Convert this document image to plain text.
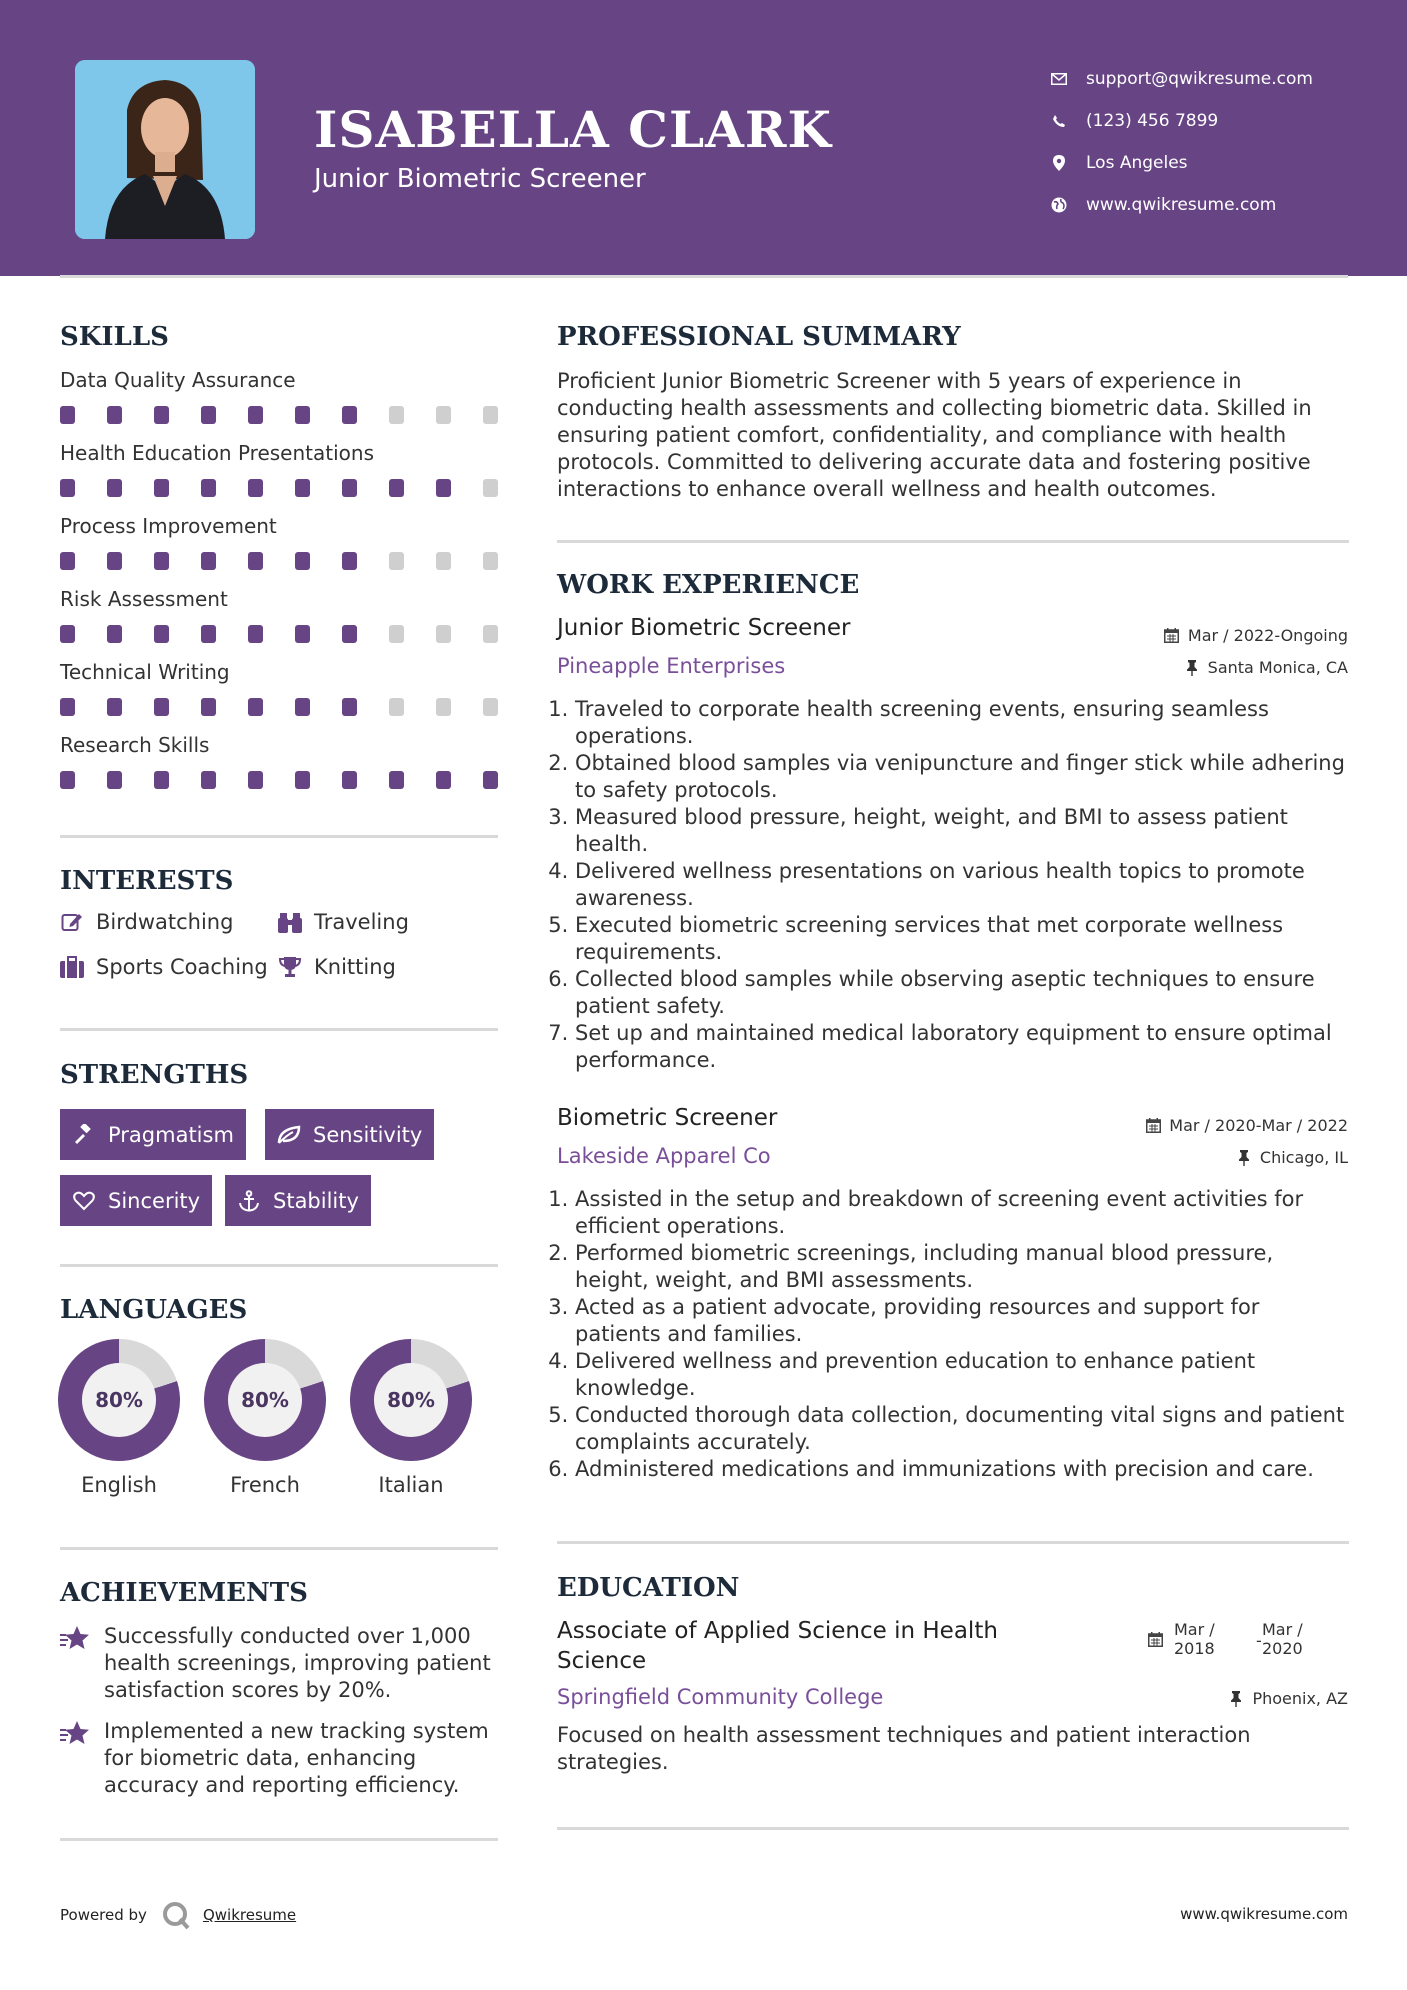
ISABELLA CLARK
Junior Biometric Screener
support@qwikresume.com
(123) 456 7899
Los Angeles
www.qwikresume.com
SKILLS
Data Quality Assurance
Health Education Presentations
Process Improvement
Risk Assessment
Technical Writing
Research Skills
INTERESTS
Birdwatching	Traveling
Sports Coaching Knitting
STRENGTHS
Pragmatism	Sensitivity
Sincerity	Stability
LANGUAGES
80%
English
80%
French
80%
Italian
ACHIEVEMENTS
Successfully conducted over 1,000 health screenings, improving patient satisfaction scores by 20%.
Implemented a new tracking system for biometric data, enhancing accuracy and reporting efficiency.
PROFESSIONAL SUMMARY
Proficient Junior Biometric Screener with 5 years of experience in conducting health assessments and collecting biometric data. Skilled in ensuring patient comfort, confidentiality, and compliance with health protocols. Committed to delivering accurate data and fostering positive interactions to enhance overall wellness and health outcomes.
WORK EXPERIENCE
Junior Biometric Screener	Mar / 2022-Ongoing
Pineapple Enterprises	Santa Monica, CA
1. Traveled to corporate health screening events, ensuring seamless operations.
2. Obtained blood samples via venipuncture and finger stick while adhering to safety protocols.
3. Measured blood pressure, height, weight, and BMI to assess patient health.
4. Delivered wellness presentations on various health topics to promote awareness.
5. Executed biometric screening services that met corporate wellness requirements.
6. Collected blood samples while observing aseptic techniques to ensure patient safety.
7. Set up and maintained medical laboratory equipment to ensure optimal performance.
Biometric Screener	Mar / 2020-Mar / 2022
Lakeside Apparel Co	Chicago, IL
1. Assisted in the setup and breakdown of screening event activities for efficient operations.
2. Performed biometric screenings, including manual blood pressure, height, weight, and BMI assessments.
3. Acted as a patient advocate, providing resources and support for patients and families.
4. Delivered wellness and prevention education to enhance patient knowledge.
5. Conducted thorough data collection, documenting vital signs and patient complaints accurately.
6. Administered medications and immunizations with precision and care.
EDUCATION
Associate of Applied Science in Health Science
Mar /
2018	-
Mar /
2020
Springfield Community College	Phoenix, AZ
Focused on health assessment techniques and patient interaction strategies.
Powered by	Qwikresume	www.qwikresume.com
